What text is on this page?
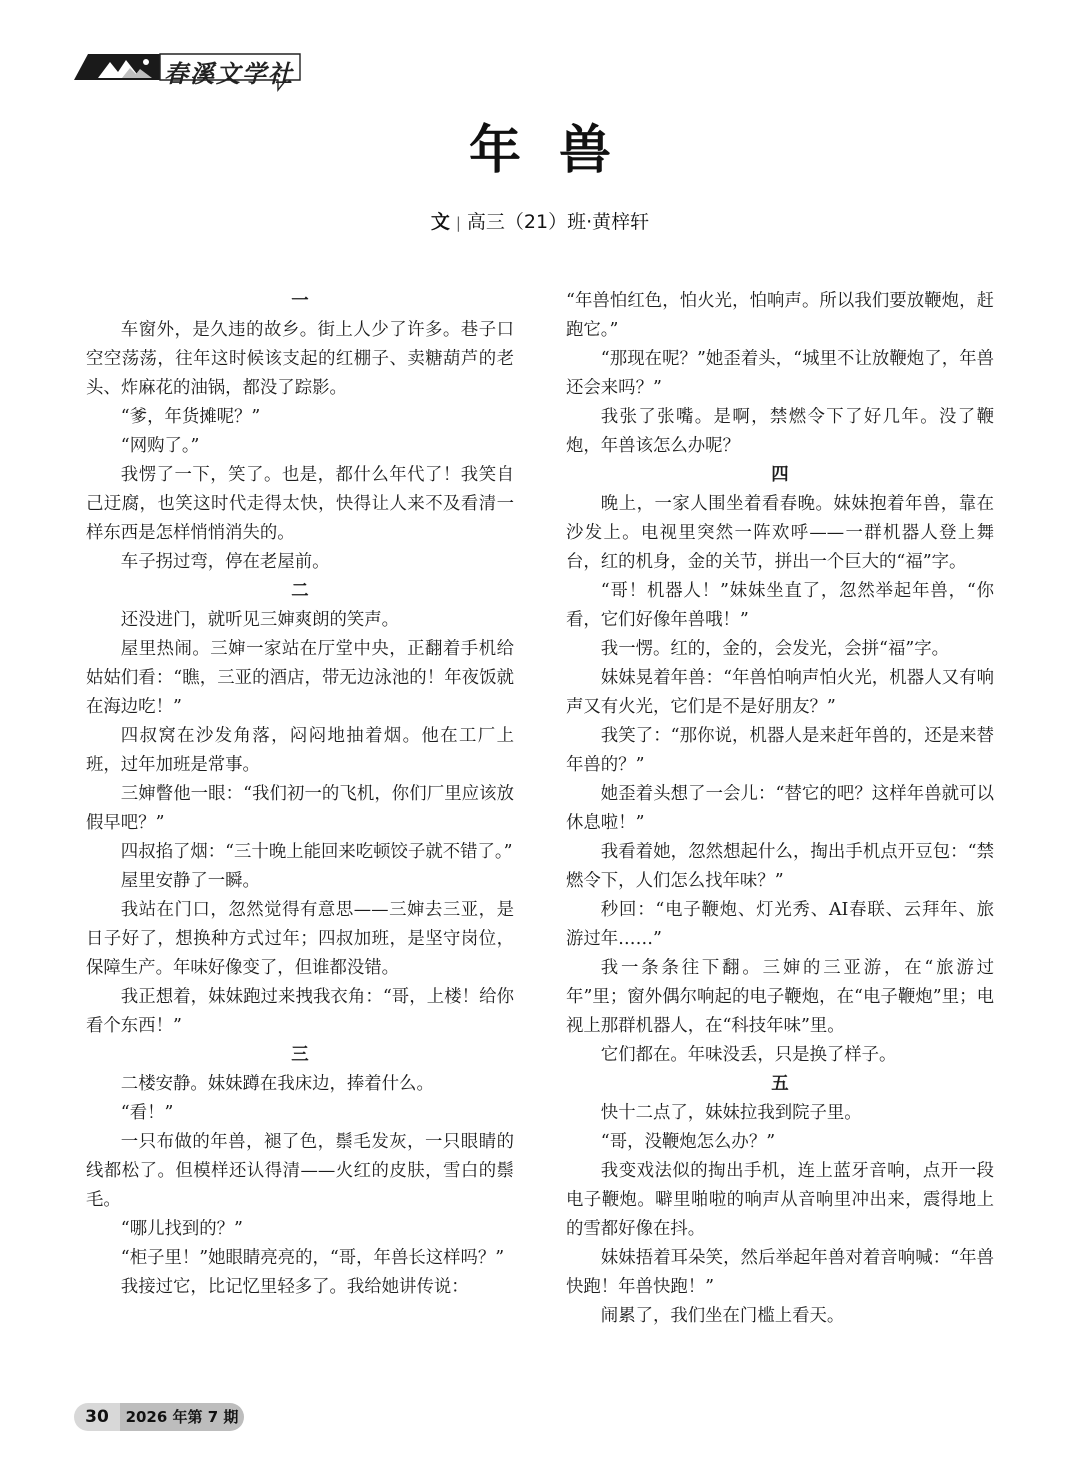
春溪文学社
年兽
文 | 高三（21）班·黄梓轩
一

车窗外，是久违的故乡。街上人少了许多。巷子口空空荡荡，往年这时候该支起的红棚子、卖糖葫芦的老头、炸麻花的油锅，都没了踪影。

“爹，年货摊呢？”

“网购了。”

我愣了一下，笑了。也是，都什么年代了！我笑自己迂腐，也笑这时代走得太快，快得让人来不及看清一样东西是怎样悄悄消失的。

车子拐过弯，停在老屋前。

二

还没进门，就听见三婶爽朗的笑声。

屋里热闹。三婶一家站在厅堂中央，正翻着手机给姑姑们看：“瞧，三亚的酒店，带无边泳池的！年夜饭就在海边吃！”

四叔窝在沙发角落，闷闷地抽着烟。他在工厂上班，过年加班是常事。

三婶瞥他一眼：“我们初一的飞机，你们厂里应该放假早吧？”

四叔掐了烟：“三十晚上能回来吃顿饺子就不错了。”

屋里安静了一瞬。

我站在门口，忽然觉得有意思——三婶去三亚，是日子好了，想换种方式过年；四叔加班，是坚守岗位，保障生产。年味好像变了，但谁都没错。

我正想着，妹妹跑过来拽我衣角：“哥，上楼！给你看个东西！”

三

二楼安静。妹妹蹲在我床边，捧着什么。

“看！”

一只布做的年兽，褪了色，鬃毛发灰，一只眼睛的线都松了。但模样还认得清——火红的皮肤，雪白的鬃毛。

“哪儿找到的？”

“柜子里！”她眼睛亮亮的，“哥，年兽长这样吗？”

我接过它，比记忆里轻多了。我给她讲传说：

“年兽怕红色，怕火光，怕响声。所以我们要放鞭炮，赶跑它。”

“那现在呢？”她歪着头，“城里不让放鞭炮了，年兽还会来吗？”

我张了张嘴。是啊，禁燃令下了好几年。没了鞭炮，年兽该怎么办呢？

四

晚上，一家人围坐着看春晚。妹妹抱着年兽，靠在沙发上。电视里突然一阵欢呼——一群机器人登上舞台，红的机身，金的关节，拼出一个巨大的“福”字。

“哥！机器人！”妹妹坐直了，忽然举起年兽，“你看，它们好像年兽哦！”

我一愣。红的，金的，会发光，会拼“福”字。

妹妹晃着年兽：“年兽怕响声怕火光，机器人又有响声又有火光，它们是不是好朋友？”

我笑了：“那你说，机器人是来赶年兽的，还是来替年兽的？”

她歪着头想了一会儿：“替它的吧？这样年兽就可以休息啦！”

我看着她，忽然想起什么，掏出手机点开豆包：“禁燃令下，人们怎么找年味？”

秒回：“电子鞭炮、灯光秀、AI春联、云拜年、旅游过年……”

我一条条往下翻。三婶的三亚游，在“旅游过年”里；窗外偶尔响起的电子鞭炮，在“电子鞭炮”里；电视上那群机器人，在“科技年味”里。

它们都在。年味没丢，只是换了样子。

五

快十二点了，妹妹拉我到院子里。

“哥，没鞭炮怎么办？”

我变戏法似的掏出手机，连上蓝牙音响，点开一段电子鞭炮。噼里啪啦的响声从音响里冲出来，震得地上的雪都好像在抖。

妹妹捂着耳朵笑，然后举起年兽对着音响喊：“年兽快跑！年兽快跑！”

闹累了，我们坐在门槛上看天。

30	2026 年第 7 期
